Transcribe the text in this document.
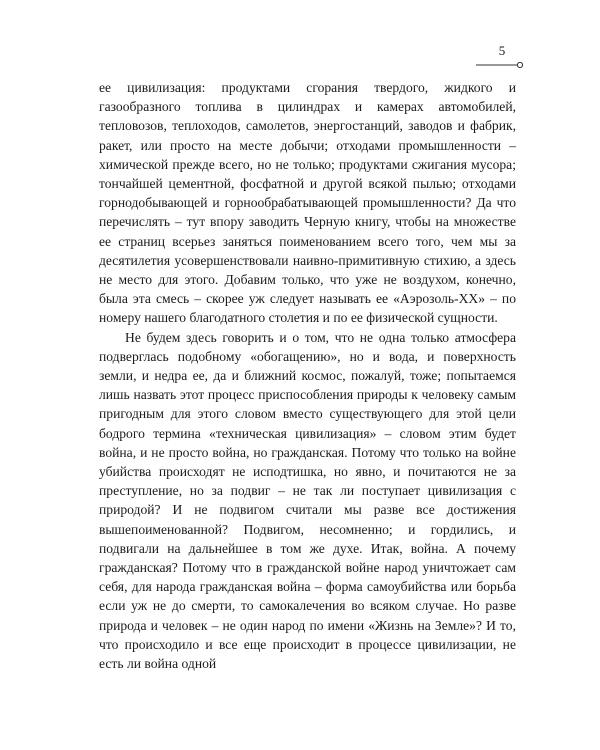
5

ее цивилизация: продуктами сгорания твердого, жидкого и газообразного топлива в цилиндрах и камерах автомобилей, тепловозов, теплоходов, самолетов, энергостанций, заводов и фабрик, ракет, или просто на месте добычи; отходами промышленности – химической прежде всего, но не только; продуктами сжигания мусора; тончайшей цементной, фосфатной и другой всякой пылью; отходами горнодобывающей и горнообрабатывающей промышленности? Да что перечислять – тут впору заводить Черную книгу, чтобы на множестве ее страниц всерьез заняться поименованием всего того, чем мы за десятилетия усовершенствовали наивно-примитивную стихию, а здесь не место для этого. Добавим только, что уже не воздухом, конечно, была эта смесь – скорее уж следует называть ее «Аэрозоль-ХХ» – по номеру нашего благодатного столетия и по ее физической сущности.

Не будем здесь говорить и о том, что не одна только атмосфера подверглась подобному «обогащению», но и вода, и поверхность земли, и недра ее, да и ближний космос, пожалуй, тоже; попытаемся лишь назвать этот процесс приспособления природы к человеку самым пригодным для этого словом вместо существующего для этой цели бодрого термина «техническая цивилизация» – словом этим будет война, и не просто война, но гражданская. Потому что только на войне убийства происходят не исподтишка, но явно, и почитаются не за преступление, но за подвиг – не так ли поступает цивилизация с природой? И не подвигом считали мы разве все достижения вышепоименованной? Подвигом, несомненно; и гордились, и подвигали на дальнейшее в том же духе. Итак, война. А почему гражданская? Потому что в гражданской войне народ уничтожает сам себя, для народа гражданская война – форма самоубийства или борьба если уж не до смерти, то самокалечения во всяком случае. Но разве природа и человек – не один народ по имени «Жизнь на Земле»? И то, что происходило и все еще происходит в процессе цивилизации, не есть ли война одной
